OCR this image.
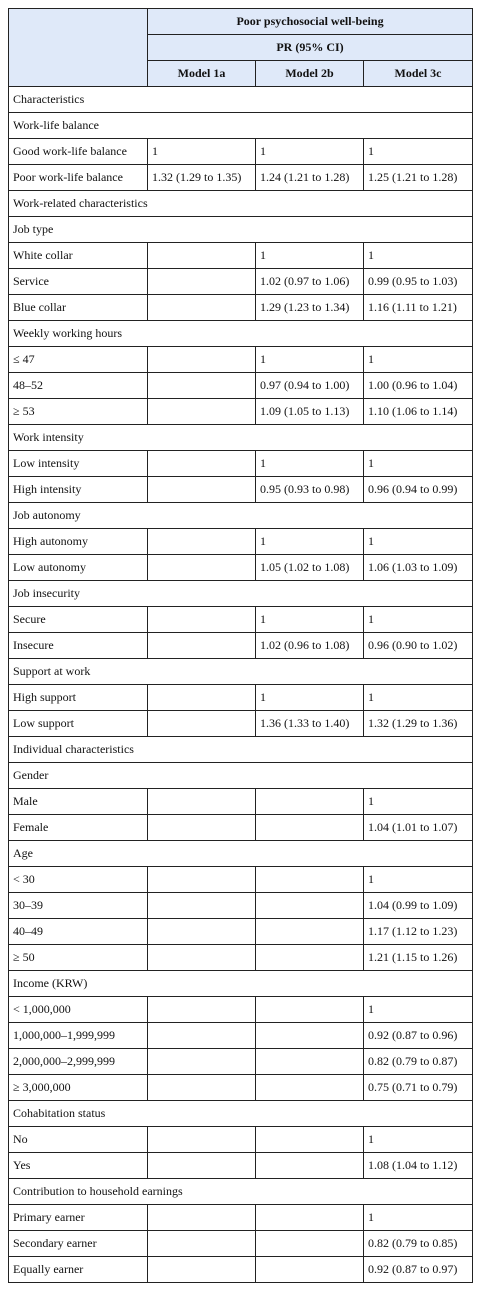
	Poor psychosocial well-being		
	PR (95% CI)		
	Model 1a	Model 2b	Model 3c
Characteristics			
Work-life balance			
Good work-life balance	1	1	1
Poor work-life balance	1.32 (1.29 to 1.35)	1.24 (1.21 to 1.28)	1.25 (1.21 to 1.28)
Work-related characteristics			
Job type			
White collar		1	1
Service		1.02 (0.97 to 1.06)	0.99 (0.95 to 1.03)
Blue collar		1.29 (1.23 to 1.34)	1.16 (1.11 to 1.21)
Weekly working hours			
≤ 47		1	1
48–52		0.97 (0.94 to 1.00)	1.00 (0.96 to 1.04)
≥ 53		1.09 (1.05 to 1.13)	1.10 (1.06 to 1.14)
Work intensity			
Low intensity		1	1
High intensity		0.95 (0.93 to 0.98)	0.96 (0.94 to 0.99)
Job autonomy			
High autonomy		1	1
Low autonomy		1.05 (1.02 to 1.08)	1.06 (1.03 to 1.09)
Job insecurity			
Secure		1	1
Insecure		1.02 (0.96 to 1.08)	0.96 (0.90 to 1.02)
Support at work			
High support		1	1
Low support		1.36 (1.33 to 1.40)	1.32 (1.29 to 1.36)
Individual characteristics			
Gender			
Male			1
Female			1.04 (1.01 to 1.07)
Age			
< 30			1
30–39			1.04 (0.99 to 1.09)
40–49			1.17 (1.12 to 1.23)
≥ 50			1.21 (1.15 to 1.26)
Income (KRW)			
< 1,000,000			1
1,000,000–1,999,999			0.92 (0.87 to 0.96)
2,000,000–2,999,999			0.82 (0.79 to 0.87)
≥ 3,000,000			0.75 (0.71 to 0.79)
Cohabitation status			
No			1
Yes			1.08 (1.04 to 1.12)
Contribution to household earnings			
Primary earner			1
Secondary earner			0.82 (0.79 to 0.85)
Equally earner			0.92 (0.87 to 0.97)
